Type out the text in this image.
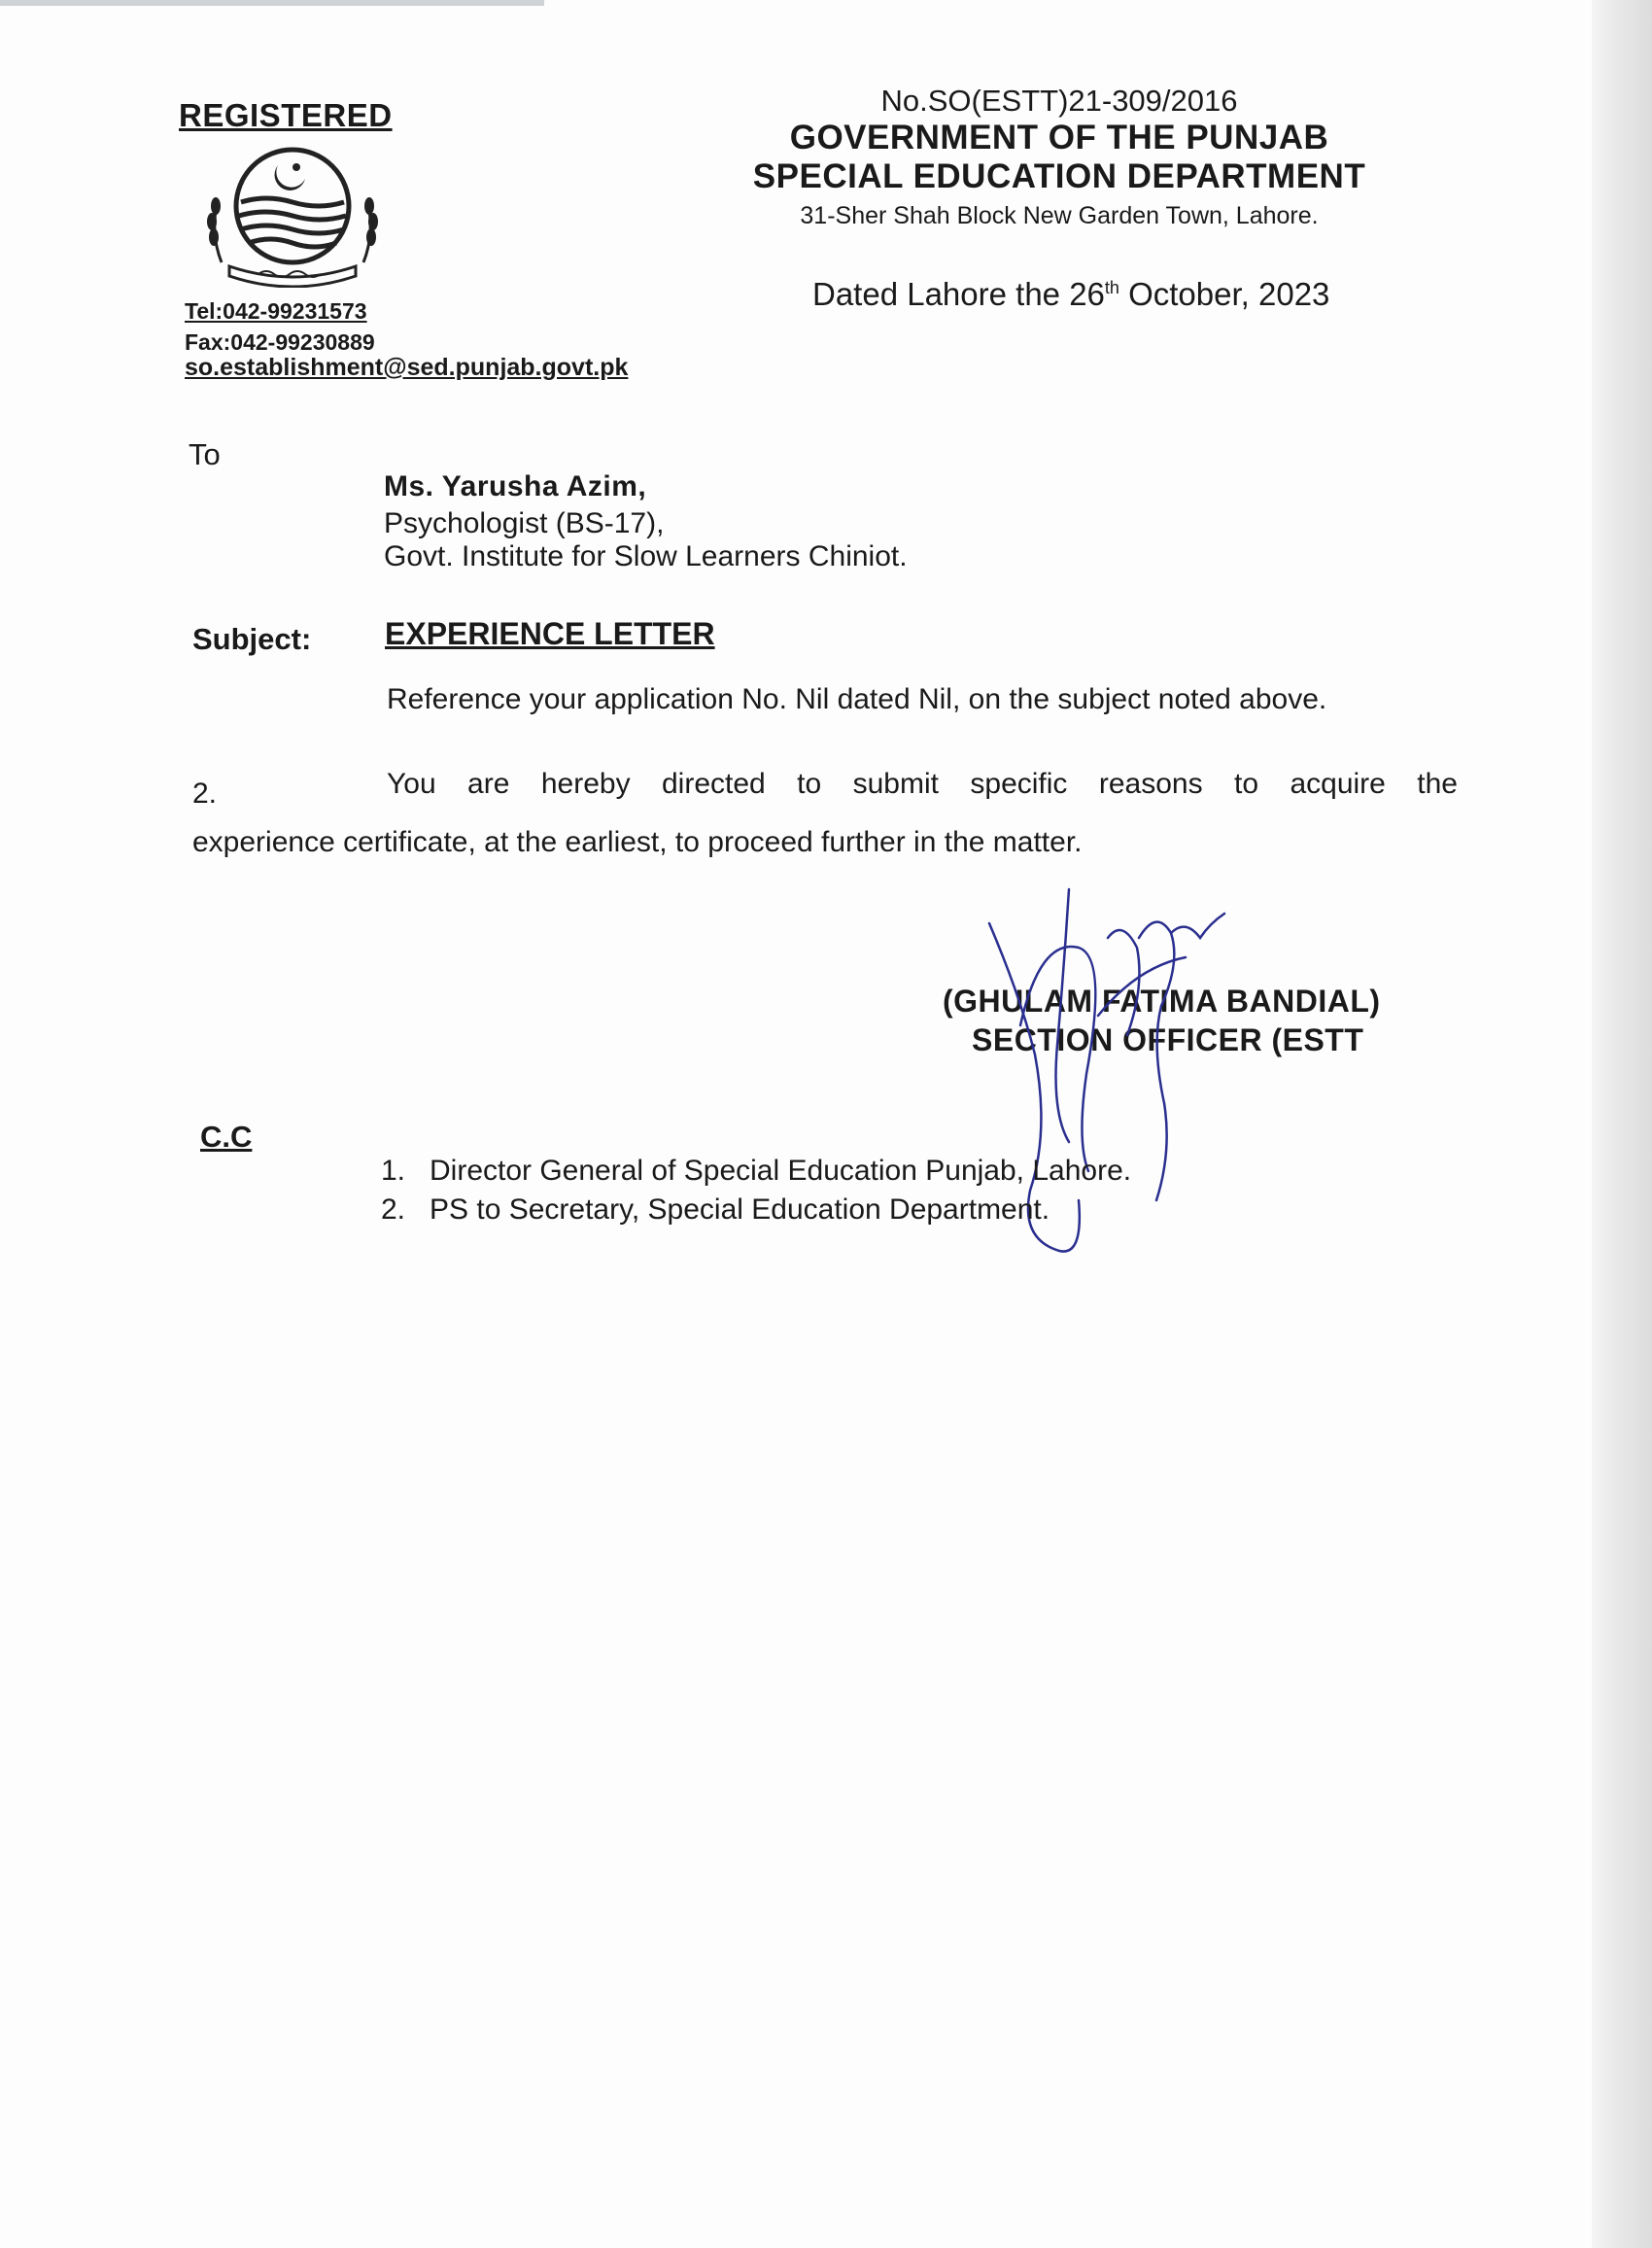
REGISTERED
Tel:042-99231573
Fax:042-99230889
so.establishment@sed.punjab.govt.pk
No.SO(ESTT)21-309/2016
GOVERNMENT OF THE PUNJAB
SPECIAL EDUCATION DEPARTMENT
31-Sher Shah Block New Garden Town, Lahore.
Dated Lahore the 26th October, 2023
To
Ms. Yarusha Azim,
Psychologist (BS-17),
Govt. Institute for Slow Learners Chiniot.
Subject: EXPERIENCE LETTER
Reference your application No. Nil dated Nil, on the subject noted above.
2.	You are hereby directed to submit specific reasons to acquire the
experience certificate, at the earliest, to proceed further in the matter.
(GHULAM FATIMA BANDIAL)
SECTION OFFICER (ESTT
C.C
1. Director General of Special Education Punjab, Lahore.
2. PS to Secretary, Special Education Department.
